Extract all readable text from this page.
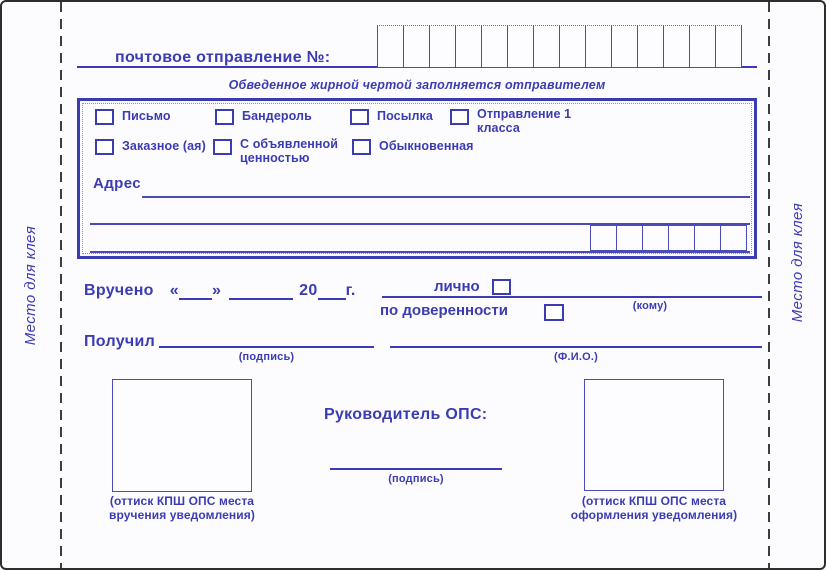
Место для клея	Место для клея
почтовое отправление №:
Обведенное жирной чертой заполняется отправителем
Письмо	Бандероль	Посылка	Отправление 1 класса
Заказное (ая)	С объявленной ценностью
Обыкновенная
Адрес
Вручено « »	20 г.	лично
по доверенности	(кому)
Получил
(подпись)	(Ф.И.О.)
(оттиск КПШ ОПС места вручения уведомления)
Руководитель ОПС:
(подпись)
(оттиск КПШ ОПС места оформления уведомления)
